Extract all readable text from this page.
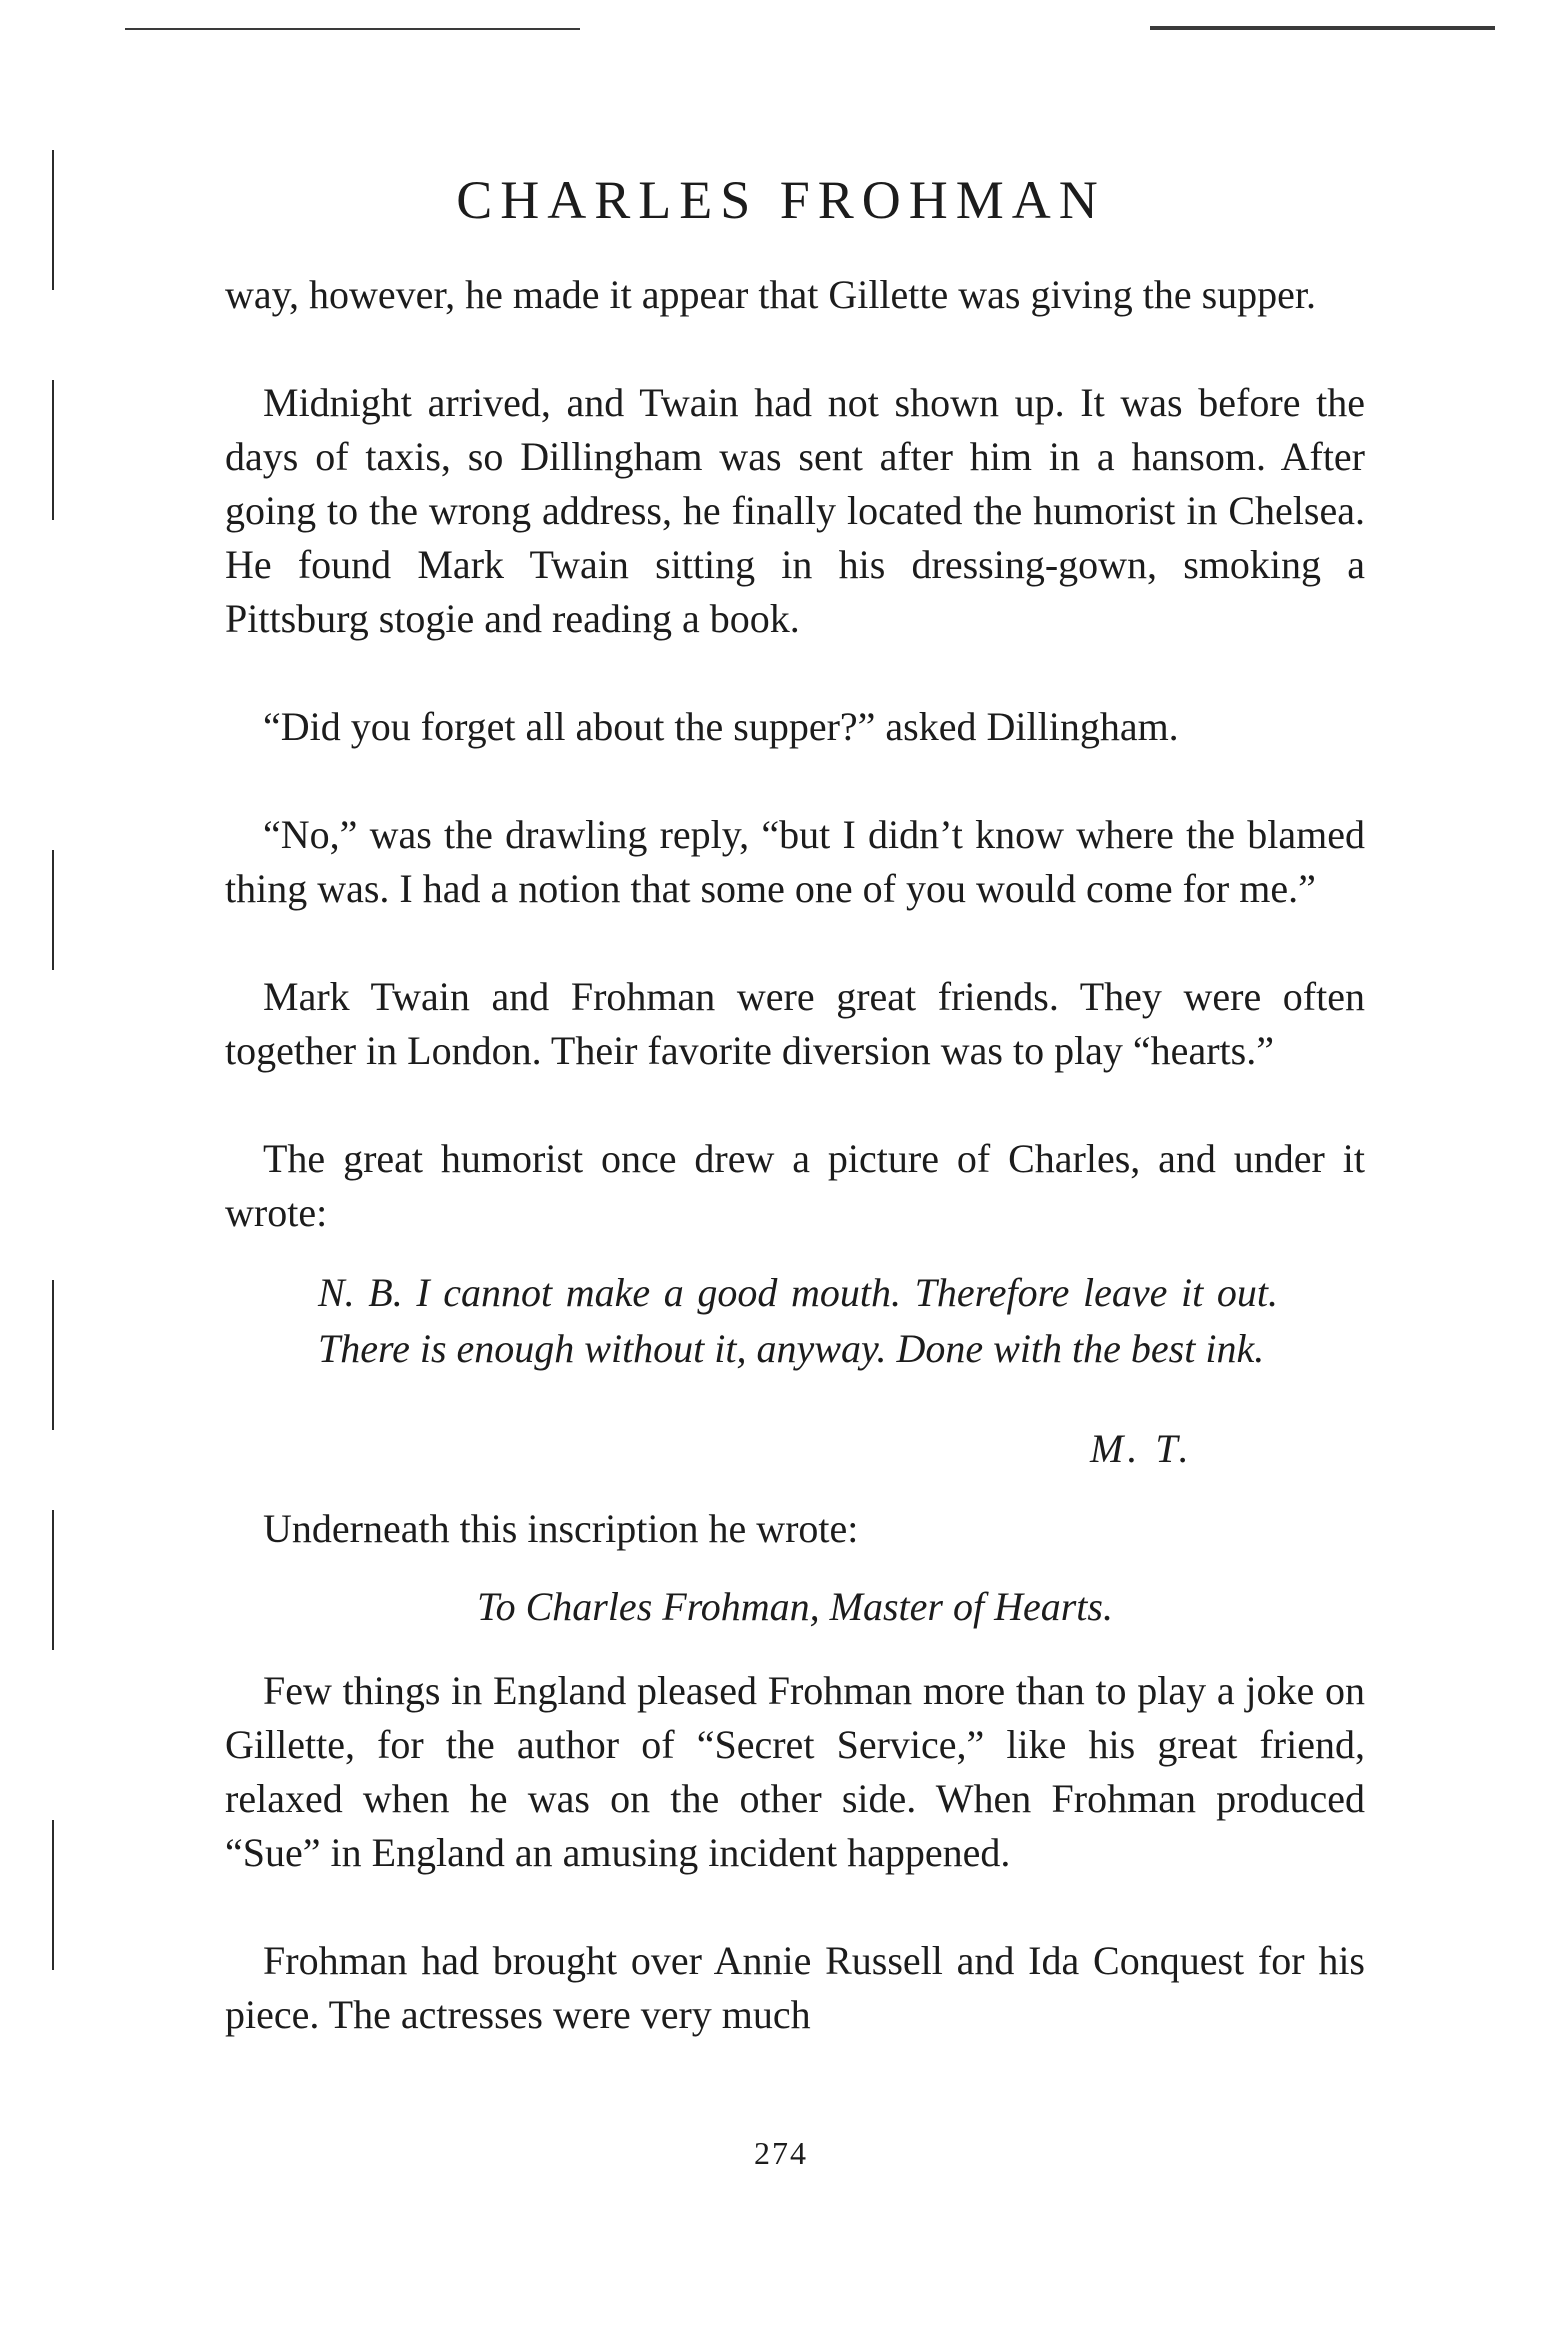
CHARLES FROHMAN

way, however, he made it appear that Gillette was giving the supper.

Midnight arrived, and Twain had not shown up. It was before the days of taxis, so Dillingham was sent after him in a hansom. After going to the wrong address, he finally located the humorist in Chelsea. He found Mark Twain sitting in his dressing-gown, smoking a Pittsburg stogie and reading a book.

“Did you forget all about the supper?” asked Dillingham.

“No,” was the drawling reply, “but I didn’t know where the blamed thing was. I had a notion that some one of you would come for me.”

Mark Twain and Frohman were great friends. They were often together in London. Their favorite diversion was to play “hearts.”

The great humorist once drew a picture of Charles, and under it wrote:

N. B. I cannot make a good mouth. Therefore leave it out. There is enough without it, anyway. Done with the best ink.

M. T.

Underneath this inscription he wrote:

To Charles Frohman, Master of Hearts.

Few things in England pleased Frohman more than to play a joke on Gillette, for the author of “Secret Service,” like his great friend, relaxed when he was on the other side. When Frohman produced “Sue” in England an amusing incident happened.

Frohman had brought over Annie Russell and Ida Conquest for his piece. The actresses were very much

274
